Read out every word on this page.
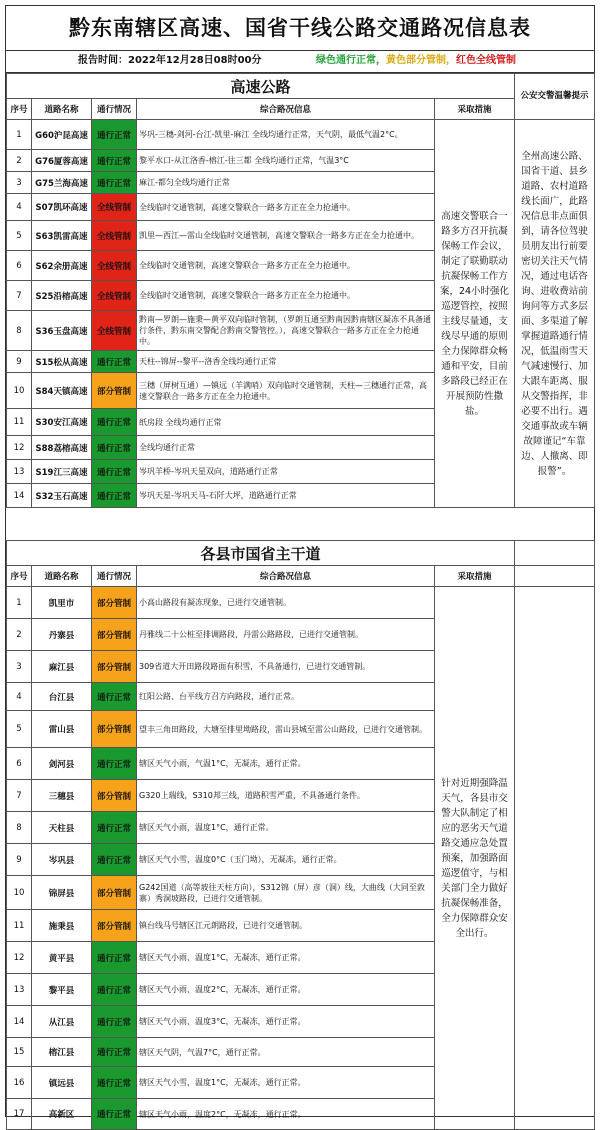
黔东南辖区高速、国省干线公路交通路况信息表
报告时间：2022年12月28日08时00分	绿色通行正常，黄色部分管制，红色全线管制
高速公路					公安交警温馨提示
序号	道路名称	通行情况	综合路况信息	采取措施	
1	G60沪昆高速	通行正常	岑巩-三穗-剑河-台江-凯里-麻江 全线均通行正常，天气阴，最低气温2°C。	高速交警联合一路多方召开抗凝保畅工作会议，制定了联勤联动抗凝保畅工作方案，24小时强化巡逻管控，按照主线尽量通，支线尽早通的原则全力保障群众畅通和平安，目前多路段已经正在开展预防性撒盐。	全州高速公路、国省干道、县乡道路、农村道路线长面广，此路况信息非点面俱到，请各位驾驶员朋友出行前要密切关注天气情况，通过电话咨询、进收费站前询问等方式多层面、多渠道了解掌握道路通行情况，低温雨雪天气减速慢行、加大跟车距离、服从交警指挥，非必要不出行。遇交通事故或车辆故障谨记“车靠边、人撤离、即报警”。
2	G76厦蓉高速	通行正常	黎平水口-从江洛香-榕江-往三都 全线均通行正常，气温3°C		
3	G75兰海高速	通行正常	麻江-都匀全线均通行正常		
4	S07凯环高速	全线管制	全线临时交通管制，高速交警联合一路多方正在全力抢通中。		
5	S63凯雷高速	全线管制	凯里—西江—雷山全线临时交通管制，高速交警联合一路多方正在全力抢通中。		
6	S62余册高速	全线管制	全线临时交通管制，高速交警联合一路多方正在全力抢通中。		
7	S25沿榕高速	全线管制	全线临时交通管制，高速交警联合一路多方正在全力抢通中。		
8	S36玉盘高速	全线管制	黔南—罗朗—施秉—黄平双向临时管制，（罗朗互通至黔南因黔南辖区凝冻不具备通行条件，黔东南交警配合黔南交警管控。），高速交警联合一路多方正在全力抢通中。		
9	S15松从高速	通行正常	天柱--锦屏--黎平--洛香全线均通行正常		
10	S84天镇高速	部分管制	三穗（屏树互通）—镇远（羊满哨）双向临时交通管制，天柱—三穗通行正常，高速交警联合一路多方正在全力抢通中。		
11	S30安江高速	通行正常	纸房段 全线均通行正常		
12	S88荔榕高速	通行正常	全线均通行正常		
13	S19江三高速	通行正常	岑巩羊桥-岑巩天星双向，道路通行正常		
14	S32玉石高速	通行正常	岑巩天星-岑巩天马-石阡大坪，道路通行正常		
各县市国省主干道					
序号	道路名称	通行情况	综合路况信息	采取措施	
1	凯里市	部分管制	小高山路段有凝冻现象，已进行交通管制。	针对近期强降温天气，各县市交警大队制定了相应的恶劣天气道路交通应急处置预案，加强路面巡逻值守，与相关部门全力做好抗凝保畅准备，全力保障群众安全出行。	
2	丹寨县	部分管制	丹雅线二十公桩至排调路段，丹雷公路路段，已进行交通管制。		
3	麻江县	部分管制	309省道大开田路段路面有积雪，不具备通行，已进行交通管制。		
4	台江县	通行正常	红阳公路、台平线方召方向路段，通行正常。		
5	雷山县	部分管制	望丰三角田路段，大塘至排里坳路段，雷山县城至雷公山路段，已进行交通管制。		
6	剑河县	通行正常	辖区天气小雨，气温1°C，无凝冻，通行正常。		
7	三穗县	部分管制	G320上瑞线，S310邦三线，道路积雪严重，不具备通行条件。		
8	天柱县	通行正常	辖区天气小雨，温度1°C，通行正常。		
9	岑巩县	通行正常	辖区天气小雪，温度0°C（玉门坳），无凝冻，通行正常。		
10	锦屏县	部分管制	G242国道（高等坡往天柱方向），S312锦（屏）彦（洞）线，大曲线（大同至敦寨）秀洞坡路段，已进行交通管制。		
11	施秉县	部分管制	镇台线马号辖区江元朗路段，已进行交通管制。		
12	黄平县	通行正常	辖区天气小雨，温度1°C，无凝冻，通行正常。		
13	黎平县	通行正常	辖区天气小雨，温度2°C，无凝冻，通行正常。		
14	从江县	通行正常	辖区天气小雨，温度3°C，无凝冻，通行正常。		
15	榕江县	通行正常	辖区天气阴，气温7°C，通行正常。		
16	镇远县	通行正常	辖区天气小雪，温度1°C，无凝冻，通行正常。		
17	高新区	通行正常	辖区天气小雨，温度2°C，无凝冻，通行正常。		
